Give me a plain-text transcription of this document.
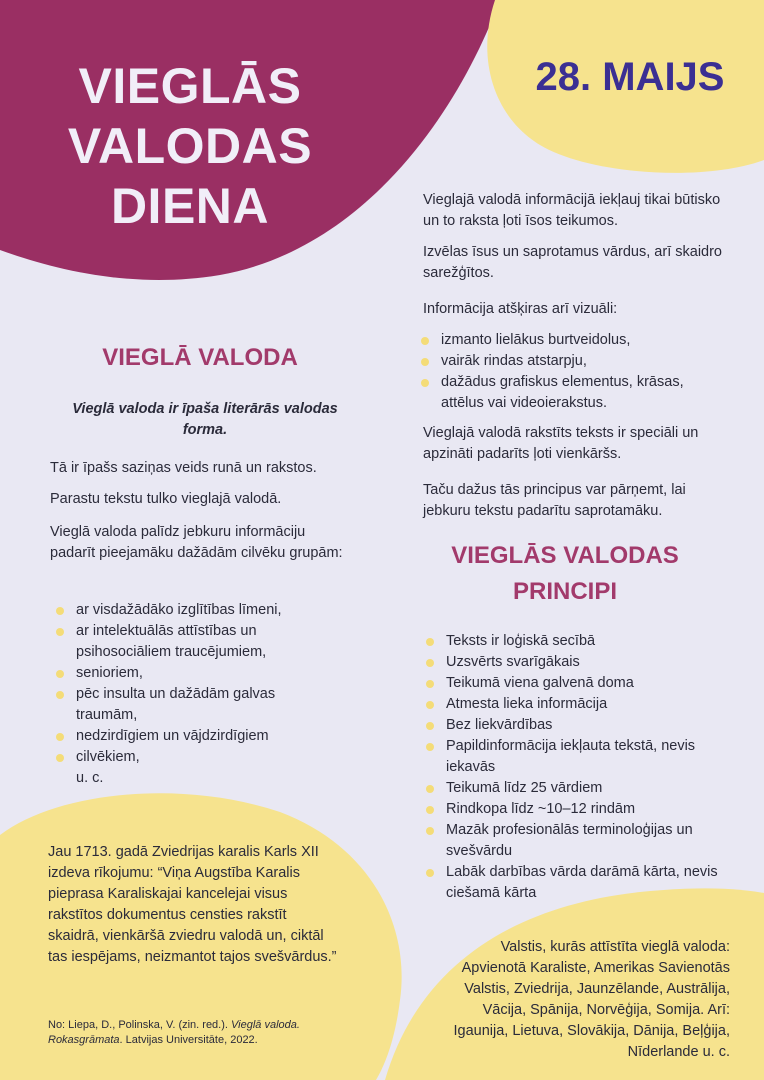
VIEGLĀS
VALODAS
DIENA
28. MAIJS
VIEGLĀ VALODA
Vieglā valoda ir īpaša literārās valodas forma.

Tā ir īpašs saziņas veids runā un rakstos.

Parastu tekstu tulko vieglajā valodā.

Vieglā valoda palīdz jebkuru informāciju padarīt pieejamāku dažādām cilvēku grupām:

ar visdažādāko izglītības līmeni,
ar intelektuālās attīstības un psihosociāliem traucējumiem,
senioriem,
pēc insulta un dažādām galvas traumām,
nedzirdīgiem un vājdzirdīgiem
cilvēkiem,
u. c.

Vieglajā valodā informācijā iekļauj tikai būtisko un to raksta ļoti īsos teikumos.

Izvēlas īsus un saprotamus vārdus, arī skaidro sarežģītos.

Informācija atšķiras arī vizuāli:

izmanto lielākus burtveidolus,
vairāk rindas atstarpju,
dažādus grafiskus elementus, krāsas, attēlus vai videoierakstus.

Vieglajā valodā rakstīts teksts ir speciāli un apzināti padarīts ļoti vienkāršs.

Taču dažus tās principus var pārņemt, lai jebkuru tekstu padarītu saprotamāku.

VIEGLĀS VALODAS PRINCIPI
Teksts ir loģiskā secībā
Uzsvērts svarīgākais
Teikumā viena galvenā doma
Atmesta lieka informācija
Bez liekvārdības
Papildinformācija iekļauta tekstā, nevis iekavās
Teikumā līdz 25 vārdiem
Rindkopa līdz ~10–12 rindām
Mazāk profesionālās terminoloģijas un svešvārdu
Labāk darbības vārda darāmā kārta, nevis ciešamā kārta

Jau 1713. gadā Zviedrijas karalis Karls XII izdeva rīkojumu: “Viņa Augstība Karalis pieprasa Karaliskajai kancelejai visus rakstītos dokumentus censties rakstīt skaidrā, vienkāršā zviedru valodā un, ciktāl tas iespējams, neizmantot tajos svešvārdus.”

No: Liepa, D., Polinska, V. (zin. red.). Vieglā valoda. Rokasgrāmata. Latvijas Universitāte, 2022.

Valstis, kurās attīstīta vieglā valoda: Apvienotā Karaliste, Amerikas Savienotās Valstis, Zviedrija, Jaunzēlande, Austrālija, Vācija, Spānija, Norvēģija, Somija. Arī: Igaunija, Lietuva, Slovākija, Dānija, Beļģija, Nīderlande u. c.
